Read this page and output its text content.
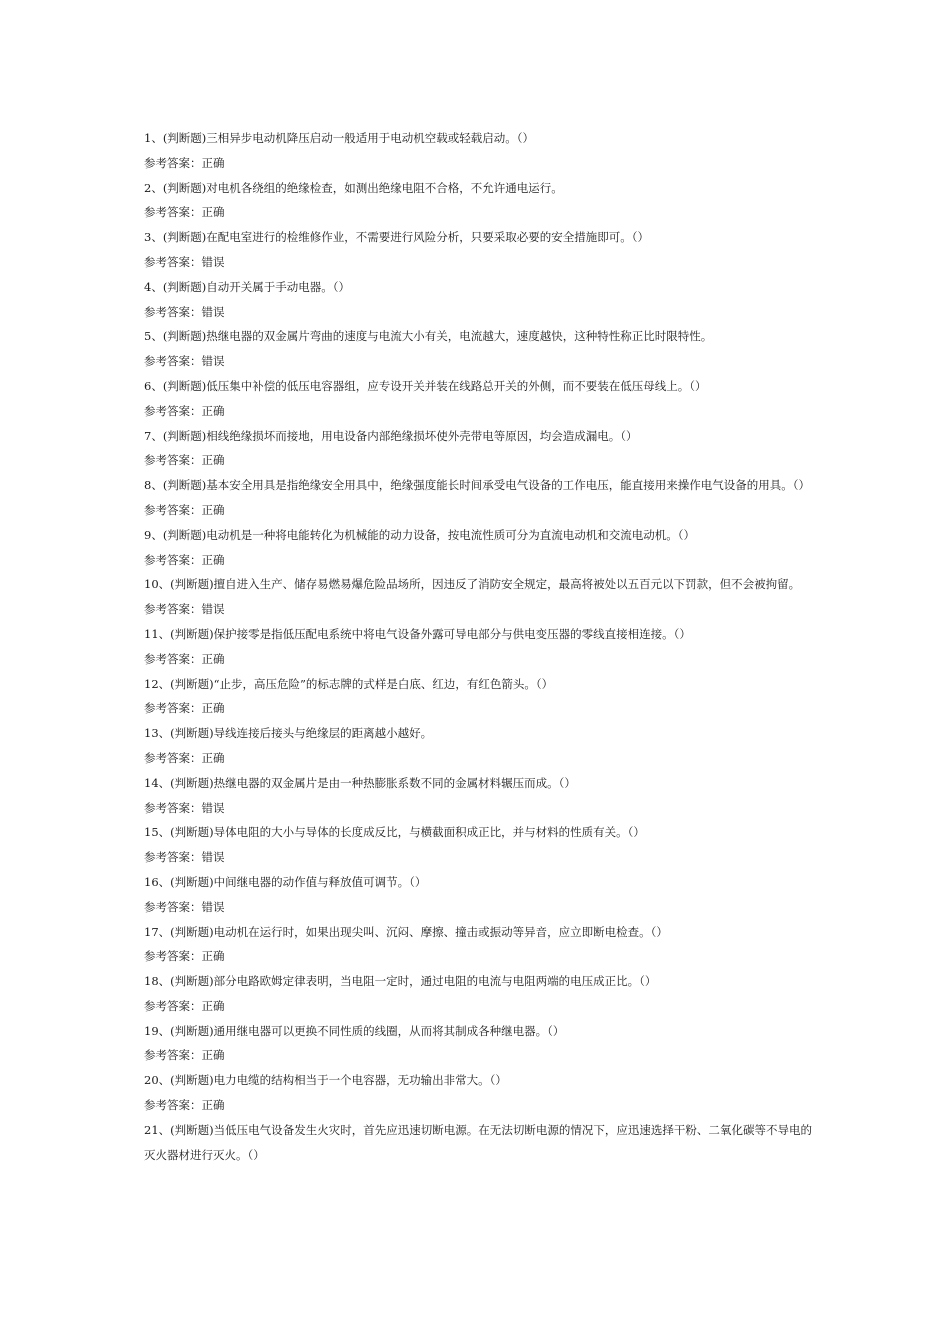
1、(判断题)三相异步电动机降压启动一般适用于电动机空载或轻载启动。（）

参考答案：正确

2、(判断题)对电机各绕组的绝缘检查，如测出绝缘电阻不合格，不允许通电运行。

参考答案：正确

3、(判断题)在配电室进行的检维修作业，不需要进行风险分析，只要采取必要的安全措施即可。（）

参考答案：错误

4、(判断题)自动开关属于手动电器。（）

参考答案：错误

5、(判断题)热继电器的双金属片弯曲的速度与电流大小有关，电流越大，速度越快，这种特性称正比时限特性。

参考答案：错误

6、(判断题)低压集中补偿的低压电容器组，应专设开关并装在线路总开关的外侧，而不要装在低压母线上。（）

参考答案：正确

7、(判断题)相线绝缘损坏而接地，用电设备内部绝缘损坏使外壳带电等原因，均会造成漏电。（）

参考答案：正确

8、(判断题)基本安全用具是指绝缘安全用具中，绝缘强度能长时间承受电气设备的工作电压，能直接用来操作电气设备的用具。（）

参考答案：正确

9、(判断题)电动机是一种将电能转化为机械能的动力设备，按电流性质可分为直流电动机和交流电动机。（）

参考答案：正确

10、(判断题)擅自进入生产、储存易燃易爆危险品场所，因违反了消防安全规定，最高将被处以五百元以下罚款，但不会被拘留。

参考答案：错误

11、(判断题)保护接零是指低压配电系统中将电气设备外露可导电部分与供电变压器的零线直接相连接。（）

参考答案：正确

12、(判断题)“止步，高压危险”的标志牌的式样是白底、红边，有红色箭头。（）

参考答案：正确

13、(判断题)导线连接后接头与绝缘层的距离越小越好。

参考答案：正确

14、(判断题)热继电器的双金属片是由一种热膨胀系数不同的金属材料辗压而成。（）

参考答案：错误

15、(判断题)导体电阻的大小与导体的长度成反比，与横截面积成正比，并与材料的性质有关。（）

参考答案：错误

16、(判断题)中间继电器的动作值与释放值可调节。（）

参考答案：错误

17、(判断题)电动机在运行时，如果出现尖叫、沉闷、摩擦、撞击或振动等异音，应立即断电检查。（）

参考答案：正确

18、(判断题)部分电路欧姆定律表明，当电阻一定时，通过电阻的电流与电阻两端的电压成正比。（）

参考答案：正确

19、(判断题)通用继电器可以更换不同性质的线圈，从而将其制成各种继电器。（）

参考答案：正确

20、(判断题)电力电缆的结构相当于一个电容器，无功输出非常大。（）

参考答案：正确

21、(判断题)当低压电气设备发生火灾时，首先应迅速切断电源。在无法切断电源的情况下，应迅速选择干粉、二氧化碳等不导电的灭火器材进行灭火。（）
